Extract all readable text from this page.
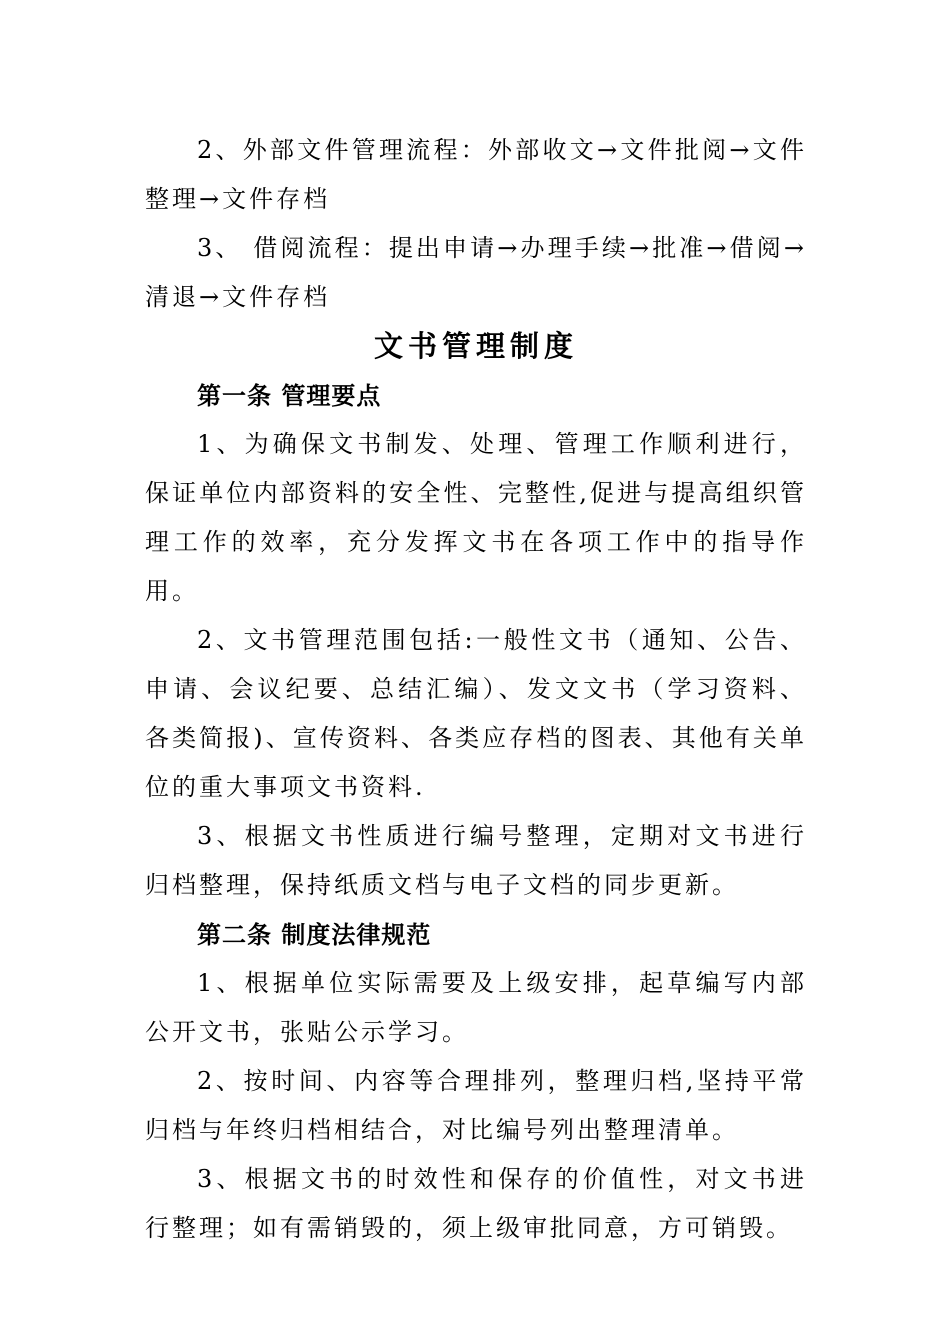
2、外部文件管理流程：外部收文→文件批阅→文件整理→文件存档

3、 借阅流程：提出申请→办理手续→批准→借阅→清退→文件存档

文书管理制度
第一条 管理要点

1、为确保文书制发、处理、管理工作顺利进行，保证单位内部资料的安全性、完整性,促进与提高组织管理工作的效率，充分发挥文书在各项工作中的指导作用。

2、文书管理范围包括:一般性文书（通知、公告、申请、会议纪要、总结汇编）、发文文书（学习资料、各类简报)、宣传资料、各类应存档的图表、其他有关单位的重大事项文书资料.

3、根据文书性质进行编号整理，定期对文书进行归档整理，保持纸质文档与电子文档的同步更新。

第二条 制度法律规范

1、根据单位实际需要及上级安排，起草编写内部公开文书，张贴公示学习。

2、按时间、内容等合理排列，整理归档,坚持平常归档与年终归档相结合，对比编号列出整理清单。

3、根据文书的时效性和保存的价值性，对文书进行整理；如有需销毁的，须上级审批同意，方可销毁。
